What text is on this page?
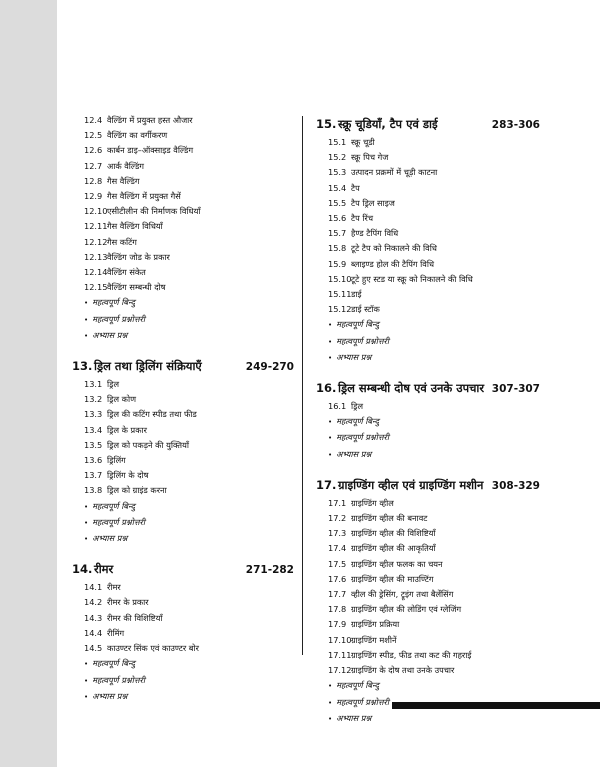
12.4 वैल्डिंग में प्रयुक्त हस्त औजार
12.5 वैल्डिंग का वर्गीकरण
12.6 कार्बन डाइ–ऑक्साइड वैल्डिंग
12.7 आर्क वैल्डिंग
12.8 गैस वैल्डिंग
12.9 गैस वैल्डिंग में प्रयुक्त गैसें
12.10 एसीटीलीन की निर्माणक विधियाँ
12.11 गैस वैल्डिंग विधियाँ
12.12 गैस कटिंग
12.13 वैल्डिंग जोड के प्रकार
12.14 वैल्डिंग संकेत
12.15 वैल्डिंग सम्बन्धी दोष
• महत्वपूर्ण बिन्दु
• महत्वपूर्ण प्रश्नोत्तरी
• अभ्यास प्रश्न
13. ड्रिल तथा ड्रिलिंग संक्रियाएँ	249-270
13.1 ड्रिल
13.2 ड्रिल कोण
13.3 ड्रिल की कटिंग स्पीड तथा फीड
13.4 ड्रिल के प्रकार
13.5 ड्रिल को पकड़ने की युक्तियाँ
13.6 ड्रिलिंग
13.7 ड्रिलिंग के दोष
13.8 ड्रिल को ग्राइंड करना
• महत्वपूर्ण बिन्दु
• महत्वपूर्ण प्रश्नोत्तरी
• अभ्यास प्रश्न
14. रीमर	271-282
14.1 रीमर
14.2 रीमर के प्रकार
14.3 रीमर की विशिष्टियाँ
14.4 रीमिंग
14.5 काउण्टर सिंक एवं काउण्टर बोर
• महत्वपूर्ण बिन्दु
• महत्वपूर्ण प्रश्नोत्तरी
• अभ्यास प्रश्न
15. स्क्रू चूडियाँ, टैप एवं डाई	283-306
15.1 स्क्रू चूडी
15.2 स्क्रू पिच गेज
15.3 उत्पादन प्रक्रमों में चूड़ी काटना
15.4 टैप
15.5 टैप ड्रिल साइज
15.6 टैप रिंच
15.7 हैण्ड टैपिंग विधि
15.8 टूटे टैप को निकालने की विधि
15.9 ब्लाइण्ड होल की टैपिंग विधि
15.10 टूटे हुए स्टड या स्क्रू को निकालने की विधि
15.11 डाई
15.12 डाई स्टॉक
• महत्वपूर्ण बिन्दु
• महत्वपूर्ण प्रश्नोत्तरी
• अभ्यास प्रश्न
16. ड्रिल सम्बन्धी दोष एवं उनके उपचार 307-307
16.1 ड्रिल
• महत्वपूर्ण बिन्दु
• महत्वपूर्ण प्रश्नोत्तरी
• अभ्यास प्रश्न
17. ग्राइण्डिंग व्हील एवं ग्राइण्डिंग मशीन 308-329
17.1 ग्राइण्डिंग व्हील
17.2 ग्राइण्डिंग व्हील की बनावट
17.3 ग्राइण्डिंग व्हील की विशिष्टियाँ
17.4 ग्राइण्डिंग व्हील की आकृतियाँ
17.5 ग्राइण्डिंग व्हील फलक का चयन
17.6 ग्राइण्डिंग व्हील की माउण्टिंग
17.7 व्हील की ड्रेसिंग, ट्रूइंग तथा बैलेंसिंग
17.8 ग्राइण्डिंग व्हील की लोडिंग एवं ग्लेजिंग
17.9 ग्राइण्डिंग प्रक्रिया
17.10 ग्राइण्डिंग मशीनें
17.11 ग्राइण्डिंग स्पीड, फीड तथा कट की गहराई
17.12 ग्राइण्डिंग के दोष तथा उनके उपचार
• महत्वपूर्ण बिन्दु
• महत्वपूर्ण प्रश्नोत्तरी
• अभ्यास प्रश्न
